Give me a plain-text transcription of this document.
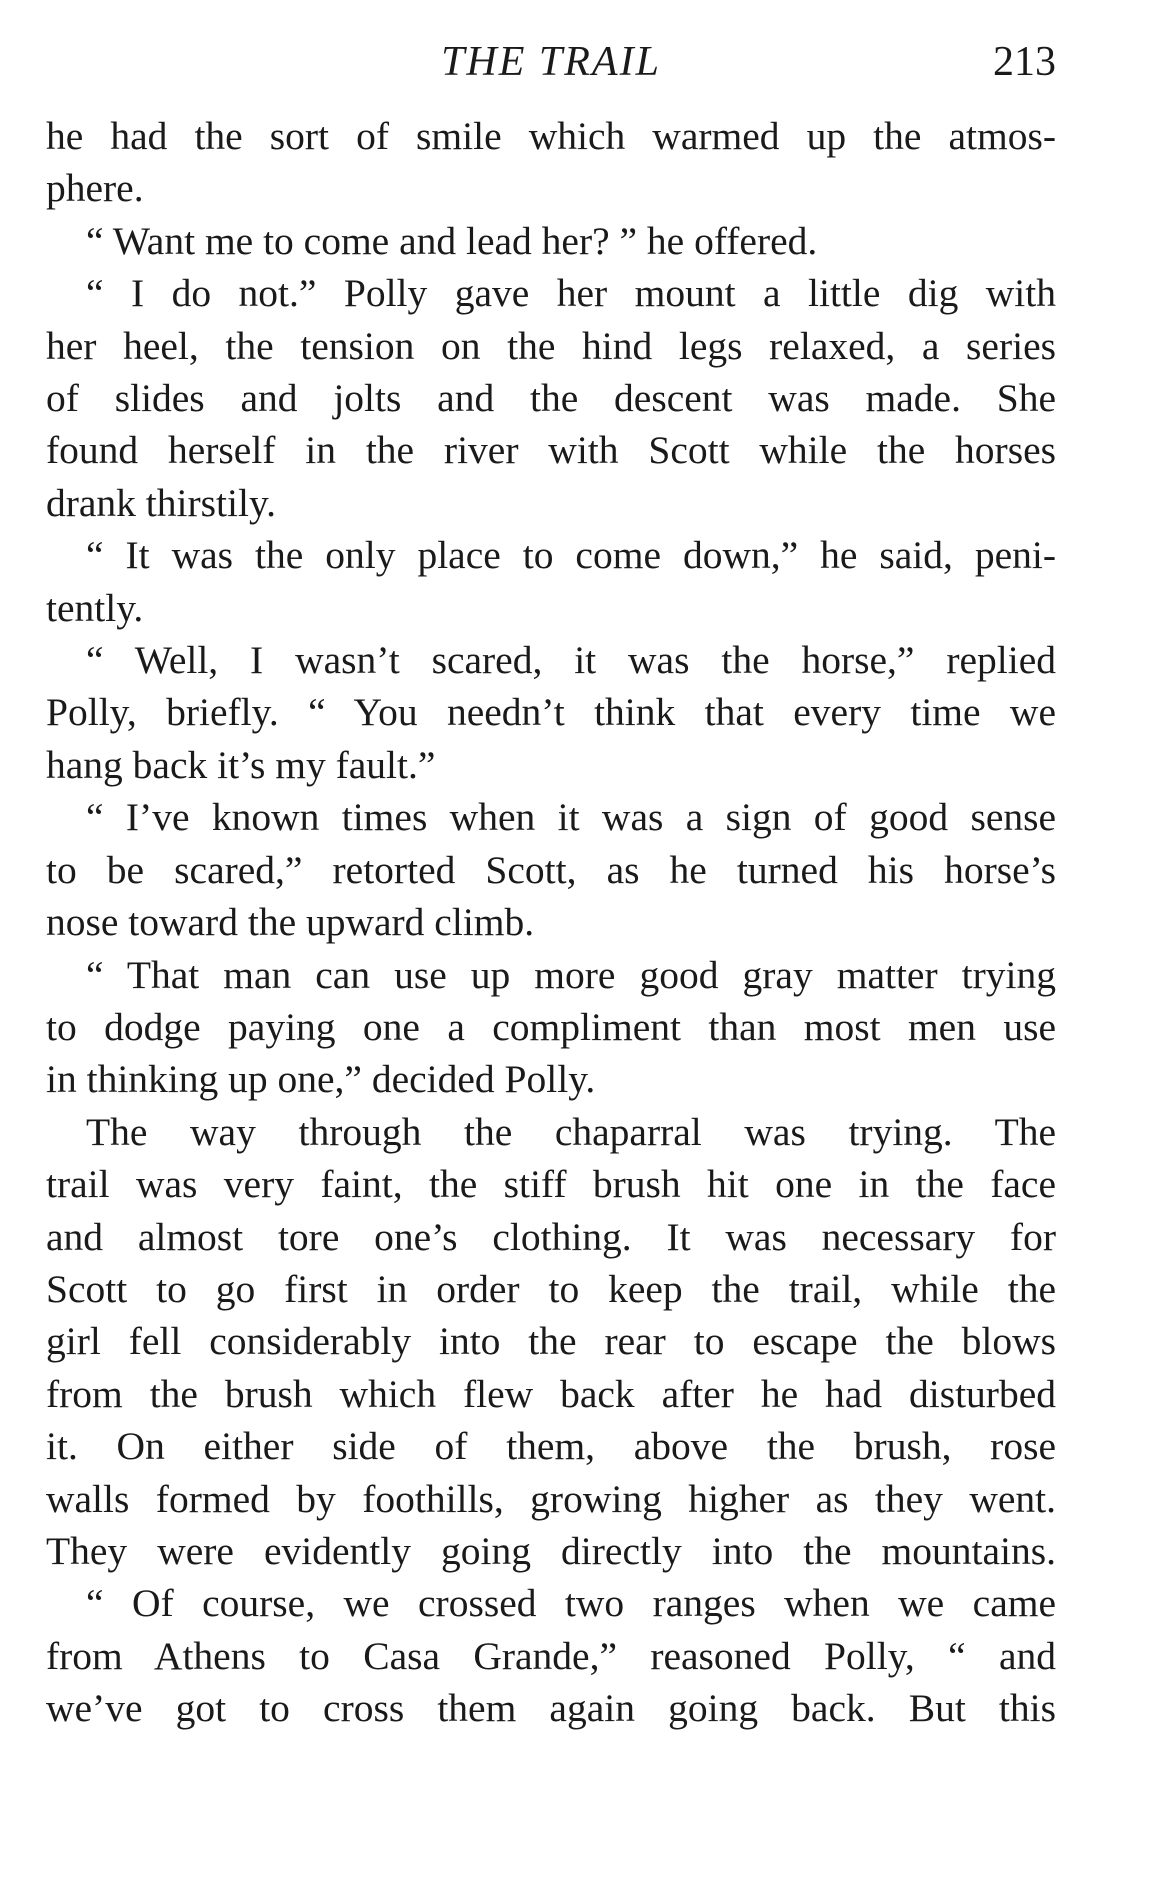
THE TRAIL	213
he had the sort of smile which warmed up the atmos-
phere.
“ Want me to come and lead her? ” he offered.
“ I do not.” Polly gave her mount a little dig with
her heel, the tension on the hind legs relaxed, a series
of slides and jolts and the descent was made. She
found herself in the river with Scott while the horses
drank thirstily.
“ It was the only place to come down,” he said, peni-
tently.
“ Well, I wasn’t scared, it was the horse,” replied
Polly, briefly. “ You needn’t think that every time we
hang back it’s my fault.”
“ I’ve known times when it was a sign of good sense
to be scared,” retorted Scott, as he turned his horse’s
nose toward the upward climb.
“ That man can use up more good gray matter trying
to dodge paying one a compliment than most men use
in thinking up one,” decided Polly.
The way through the chaparral was trying. The
trail was very faint, the stiff brush hit one in the face
and almost tore one’s clothing. It was necessary for
Scott to go first in order to keep the trail, while the
girl fell considerably into the rear to escape the blows
from the brush which flew back after he had disturbed
it. On either side of them, above the brush, rose
walls formed by foothills, growing higher as they went.
They were evidently going directly into the mountains.
“ Of course, we crossed two ranges when we came
from Athens to Casa Grande,” reasoned Polly, “ and
we’ve got to cross them again going back. But this
